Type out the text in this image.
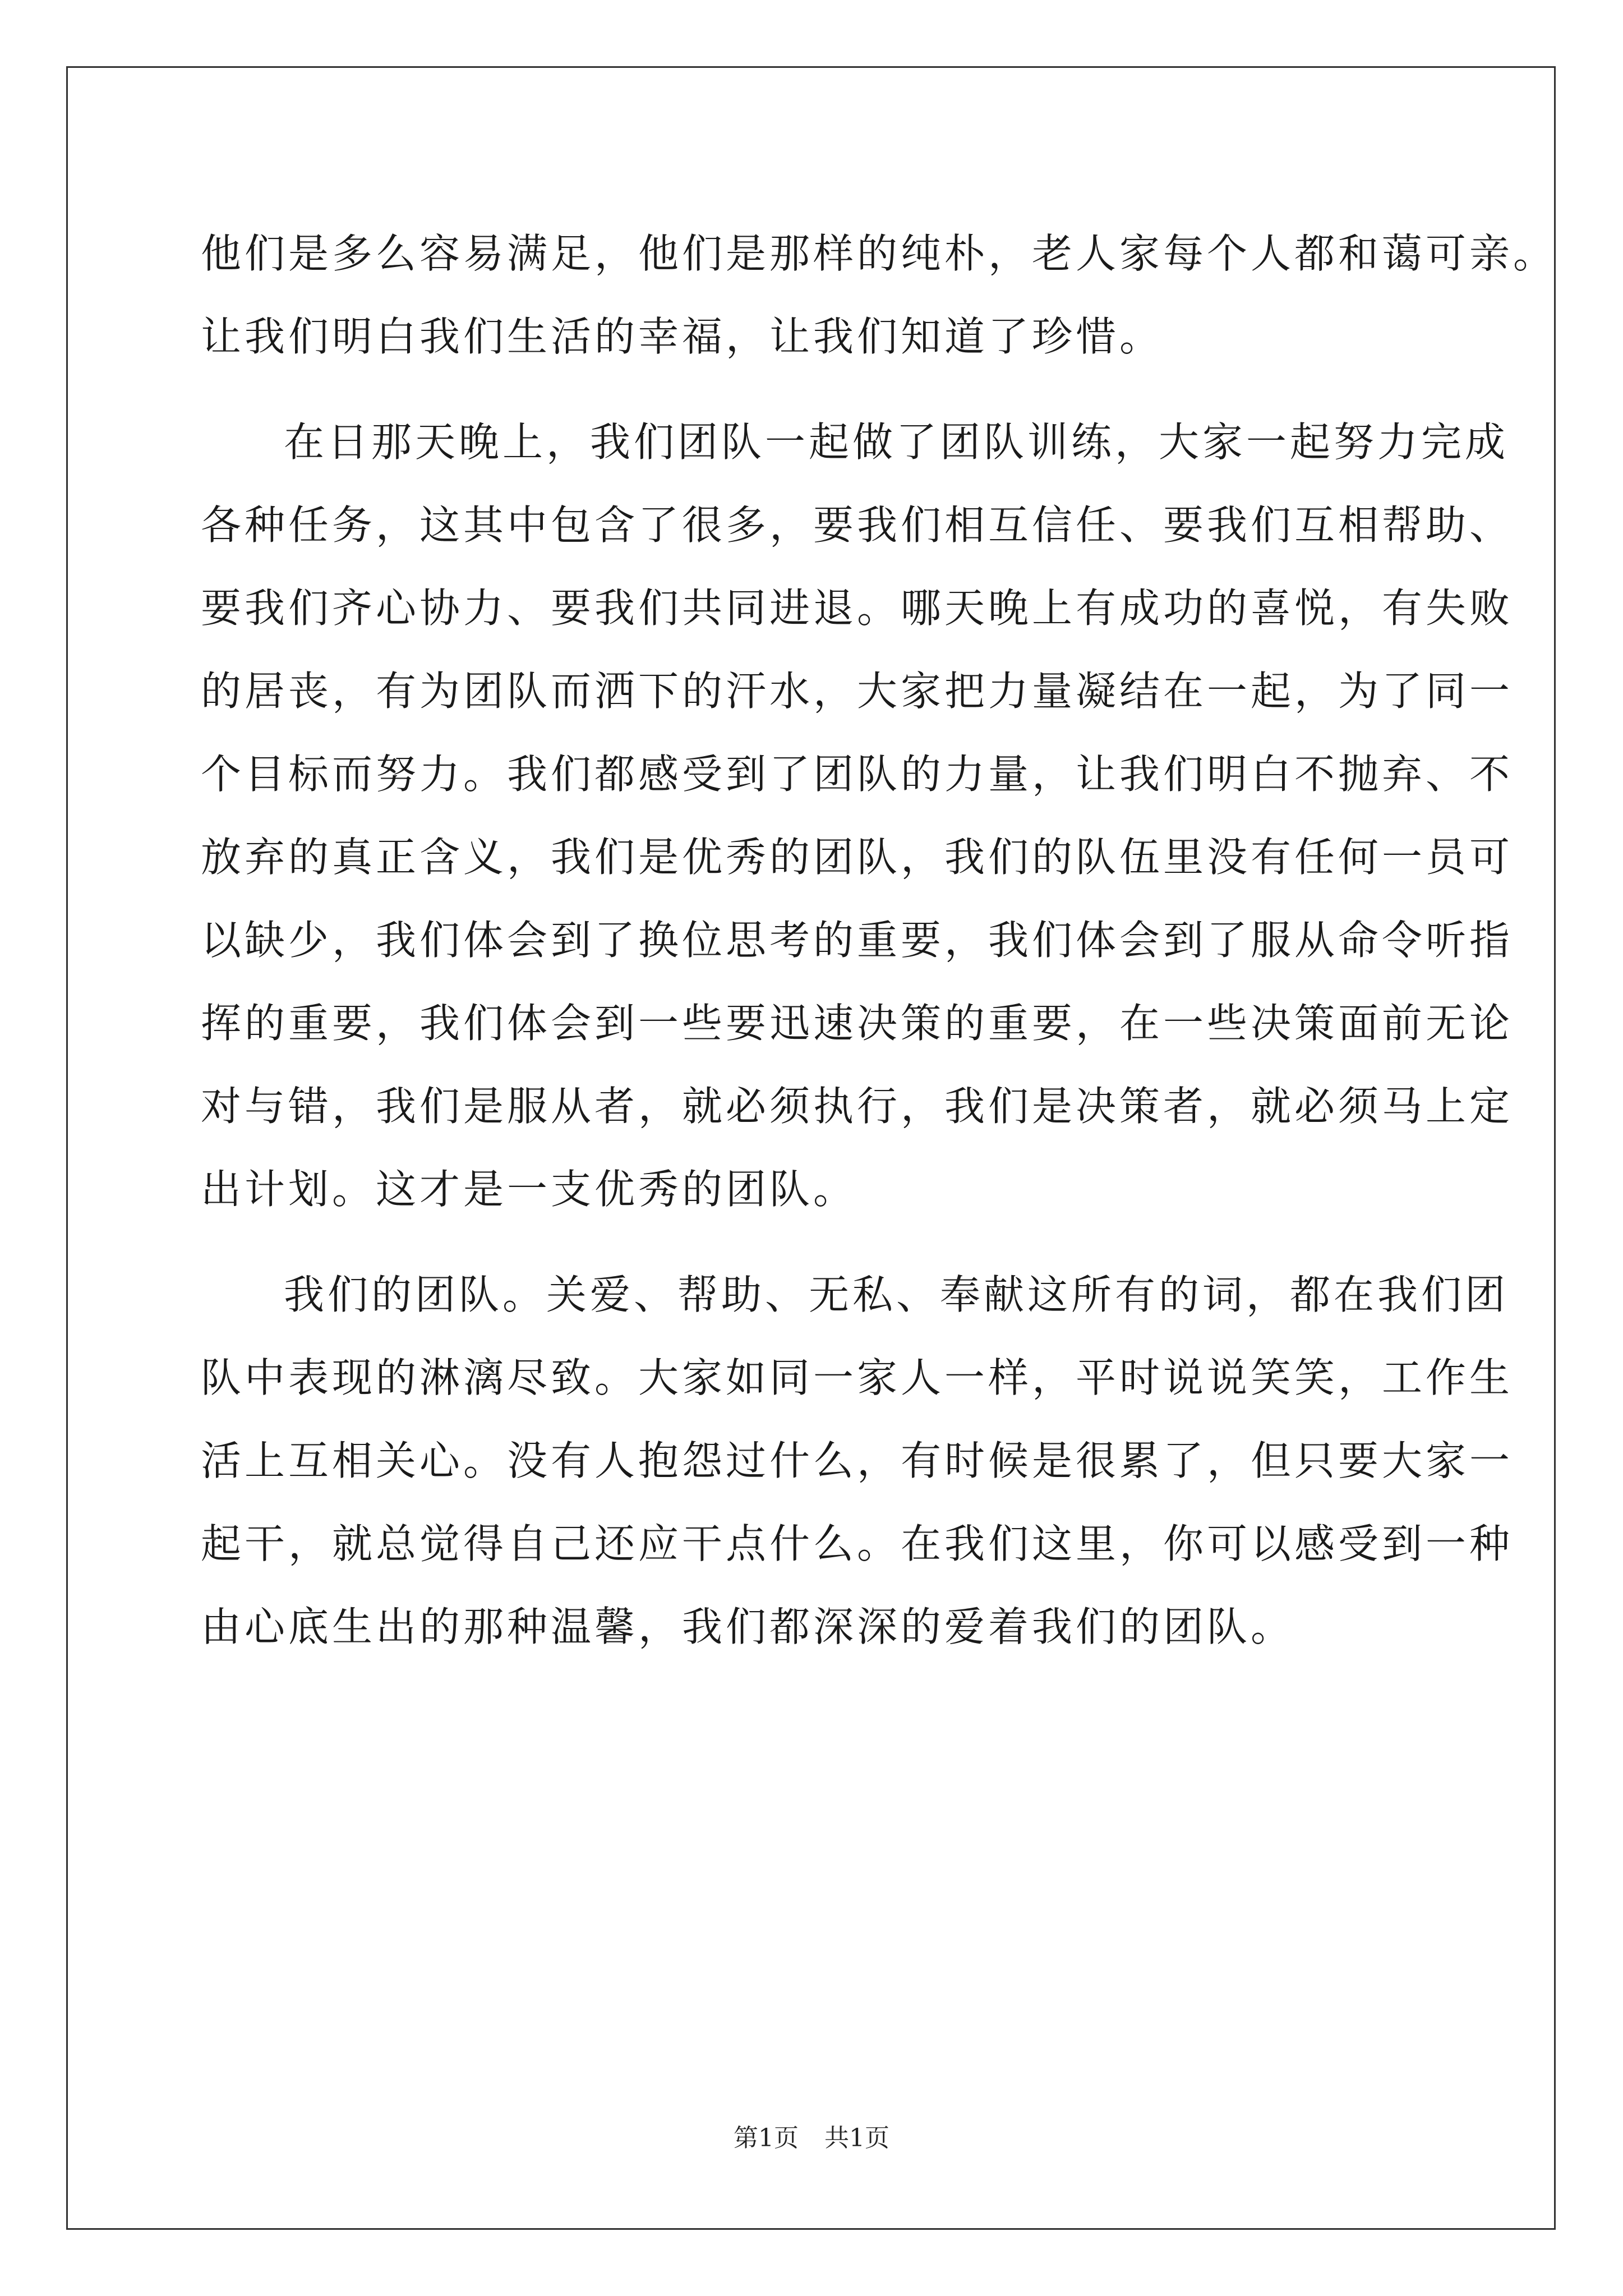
他们是多么容易满足，他们是那样的纯朴，老人家每个人都和蔼可亲。
让我们明白我们生活的幸福，让我们知道了珍惜。
在日那天晚上，我们团队一起做了团队训练，大家一起努力完成
各种任务，这其中包含了很多，要我们相互信任、要我们互相帮助、
要我们齐心协力、要我们共同进退。哪天晚上有成功的喜悦，有失败
的居丧，有为团队而洒下的汗水，大家把力量凝结在一起，为了同一
个目标而努力。我们都感受到了团队的力量，让我们明白不抛弃、不
放弃的真正含义，我们是优秀的团队，我们的队伍里没有任何一员可
以缺少，我们体会到了换位思考的重要，我们体会到了服从命令听指
挥的重要，我们体会到一些要迅速决策的重要，在一些决策面前无论
对与错，我们是服从者，就必须执行，我们是决策者，就必须马上定
出计划。这才是一支优秀的团队。
我们的团队。关爱、帮助、无私、奉献这所有的词，都在我们团
队中表现的淋漓尽致。大家如同一家人一样，平时说说笑笑，工作生
活上互相关心。没有人抱怨过什么，有时候是很累了，但只要大家一
起干，就总觉得自己还应干点什么。在我们这里，你可以感受到一种
由心底生出的那种温馨，我们都深深的爱着我们的团队。
第1页 共1页
